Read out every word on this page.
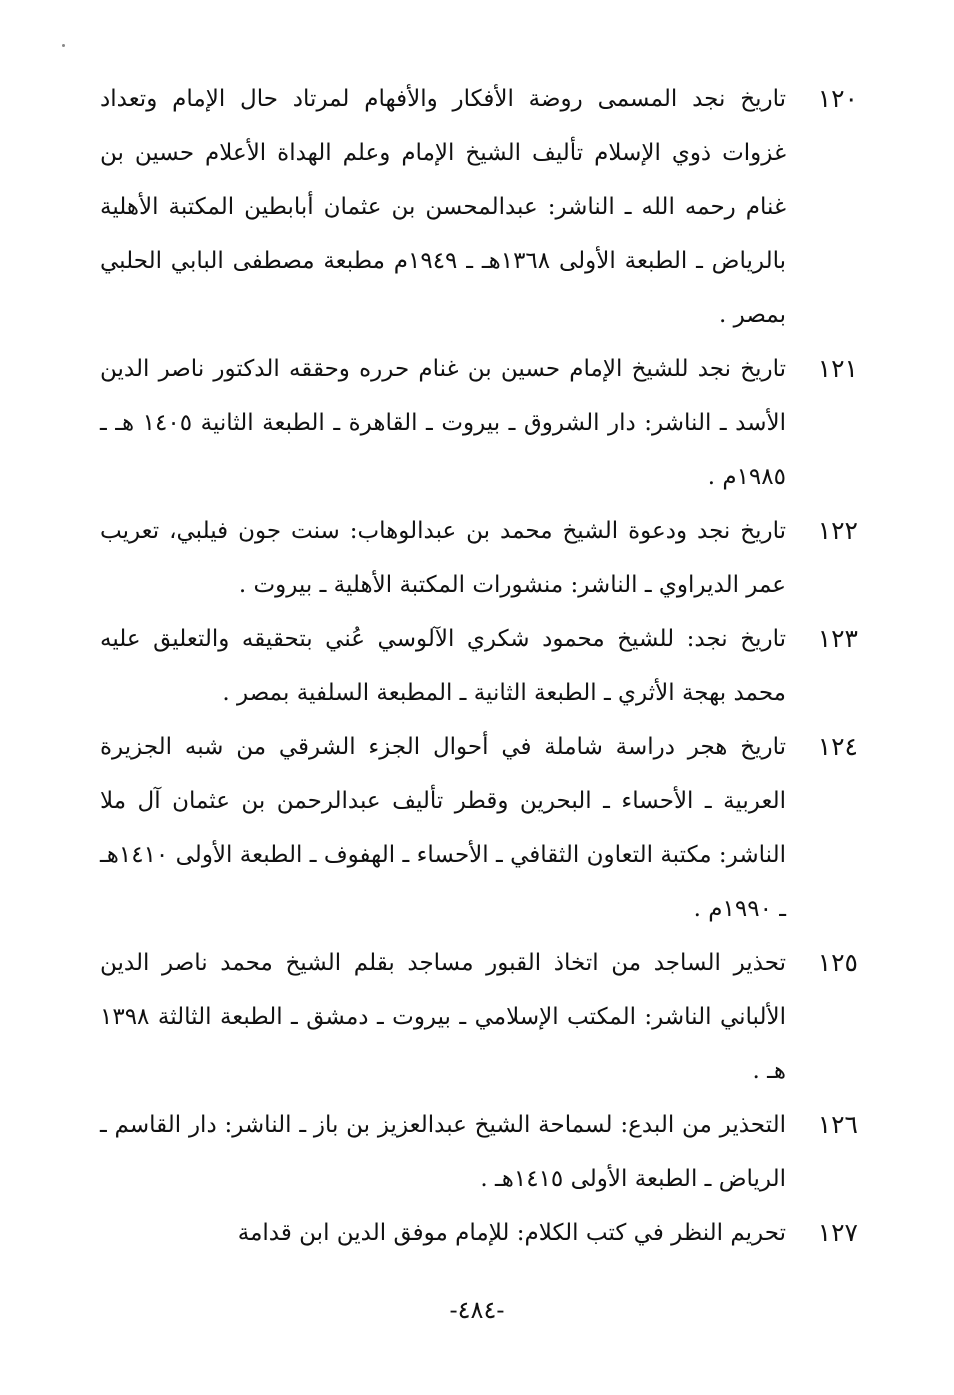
١٢٠
تاريخ نجد المسمى روضة الأفكار والأفهام لمرتاد حال الإمام وتعداد غزوات ذوي الإسلام تأليف الشيخ الإمام وعلم الهداة الأعلام حسين بن غنام رحمه الله ـ الناشر: عبدالمحسن بن عثمان أبابطين المكتبة الأهلية بالرياض ـ الطبعة الأولى ١٣٦٨هـ ـ ١٩٤٩م مطبعة مصطفى البابي الحلبي بمصر .
١٢١
تاريخ نجد للشيخ الإمام حسين بن غنام حرره وحققه الدكتور ناصر الدين الأسد ـ الناشر: دار الشروق ـ بيروت ـ القاهرة ـ الطبعة الثانية ١٤٠٥ هـ ـ ١٩٨٥م .
١٢٢
تاريخ نجد ودعوة الشيخ محمد بن عبدالوهاب: سنت جون فيلبي، تعريب عمر الديراوي ـ الناشر: منشورات المكتبة الأهلية ـ بيروت .
١٢٣
تاريخ نجد: للشيخ محمود شكري الآلوسي عُني بتحقيقه والتعليق عليه محمد بهجة الأثري ـ الطبعة الثانية ـ المطبعة السلفية بمصر .
١٢٤
تاريخ هجر دراسة شاملة في أحوال الجزء الشرقي من شبه الجزيرة العربية ـ الأحساء ـ البحرين وقطر تأليف عبدالرحمن بن عثمان آل ملا الناشر: مكتبة التعاون الثقافي ـ الأحساء ـ الهفوف ـ الطبعة الأولى ١٤١٠هـ ـ ١٩٩٠م .
١٢٥
تحذير الساجد من اتخاذ القبور مساجد بقلم الشيخ محمد ناصر الدين الألباني الناشر: المكتب الإسلامي ـ بيروت ـ دمشق ـ الطبعة الثالثة ١٣٩٨ هـ .
١٢٦
التحذير من البدع: لسماحة الشيخ عبدالعزيز بن باز ـ الناشر: دار القاسم ـ الرياض ـ الطبعة الأولى ١٤١٥هـ .
١٢٧
تحريم النظر في كتب الكلام: للإمام موفق الدين ابن قدامة
-٤٨٤-
